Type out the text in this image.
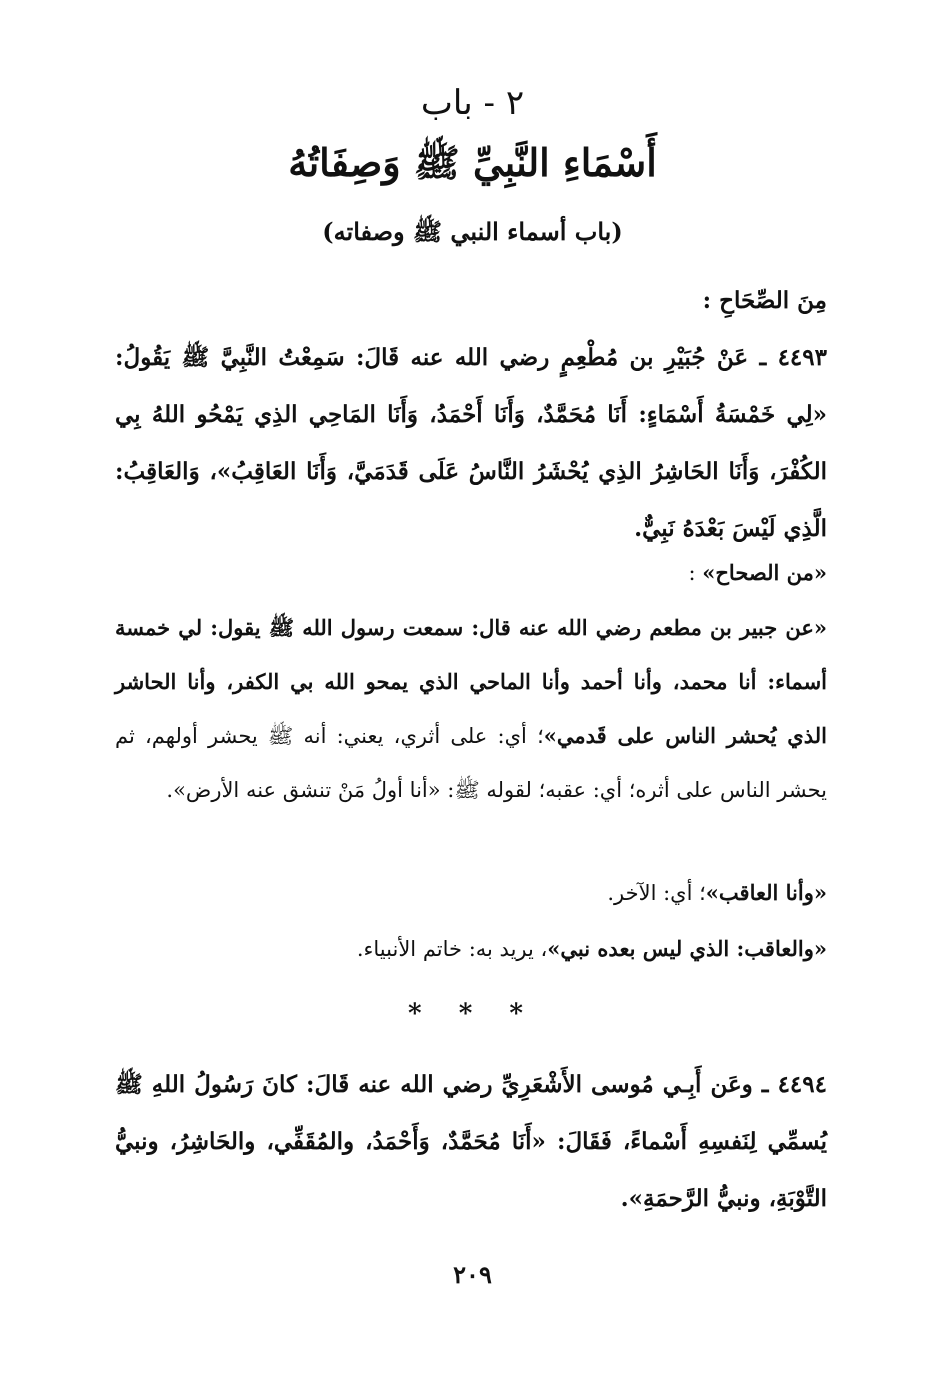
٢ - باب
أَسْمَاءِ النَّبِيِّ ﷺ وَصِفَاتُهُ
(باب أسماء النبي ﷺ وصفاته)
مِنَ الصِّحَاحِ :
٤٤٩٣ ـ عَنْ جُبَيْرِ بن مُطْعِمٍ رضي الله عنه قَالَ: سَمِعْتُ النَّبِيَّ ﷺ يَقُولُ: «لِي خَمْسَةُ أَسْمَاءٍ: أَنَا مُحَمَّدٌ، وَأَنَا أَحْمَدُ، وَأَنَا المَاحِي الذِي يَمْحُو اللهُ بِي الكُفْرَ، وَأَنَا الحَاشِرُ الذِي يُحْشَرُ النَّاسُ عَلَى قَدَمَيَّ، وَأَنَا العَاقِبُ»، وَالعَاقِبُ: الَّذِي لَيْسَ بَعْدَهُ نَبِيٌّ.
«من الصحاح» :
«عن جبير بن مطعم رضي الله عنه قال: سمعت رسول الله ﷺ يقول: لي خمسة أسماء: أنا محمد، وأنا أحمد وأنا الماحي الذي يمحو الله بي الكفر، وأنا الحاشر الذي يُحشر الناس على قَدمي»؛ أي: على أثري، يعني: أنه ﷺ يحشر أولهم، ثم يحشر الناس على أثره؛ أي: عقبه؛ لقوله ﷺ: «أنا أولُ مَنْ تنشق عنه الأرض».
«وأنا العاقب»؛ أي: الآخر.
«والعاقب: الذي ليس بعده نبي»، يريد به: خاتم الأنبياء.
* * *
٤٤٩٤ ـ وعَن أَبِـي مُوسى الأَشْعَرِيِّ رضي الله عنه قَالَ: كانَ رَسُولُ اللهِ ﷺ يُسمِّي لِنَفسِهِ أَسْماءً، فَقَالَ: «أَنَا مُحَمَّدٌ، وَأَحْمَدُ، والمُقَفِّي، والحَاشِرُ، ونبيُّ التَّوْبَةِ، ونبيُّ الرَّحمَةِ».
٢٠٩
